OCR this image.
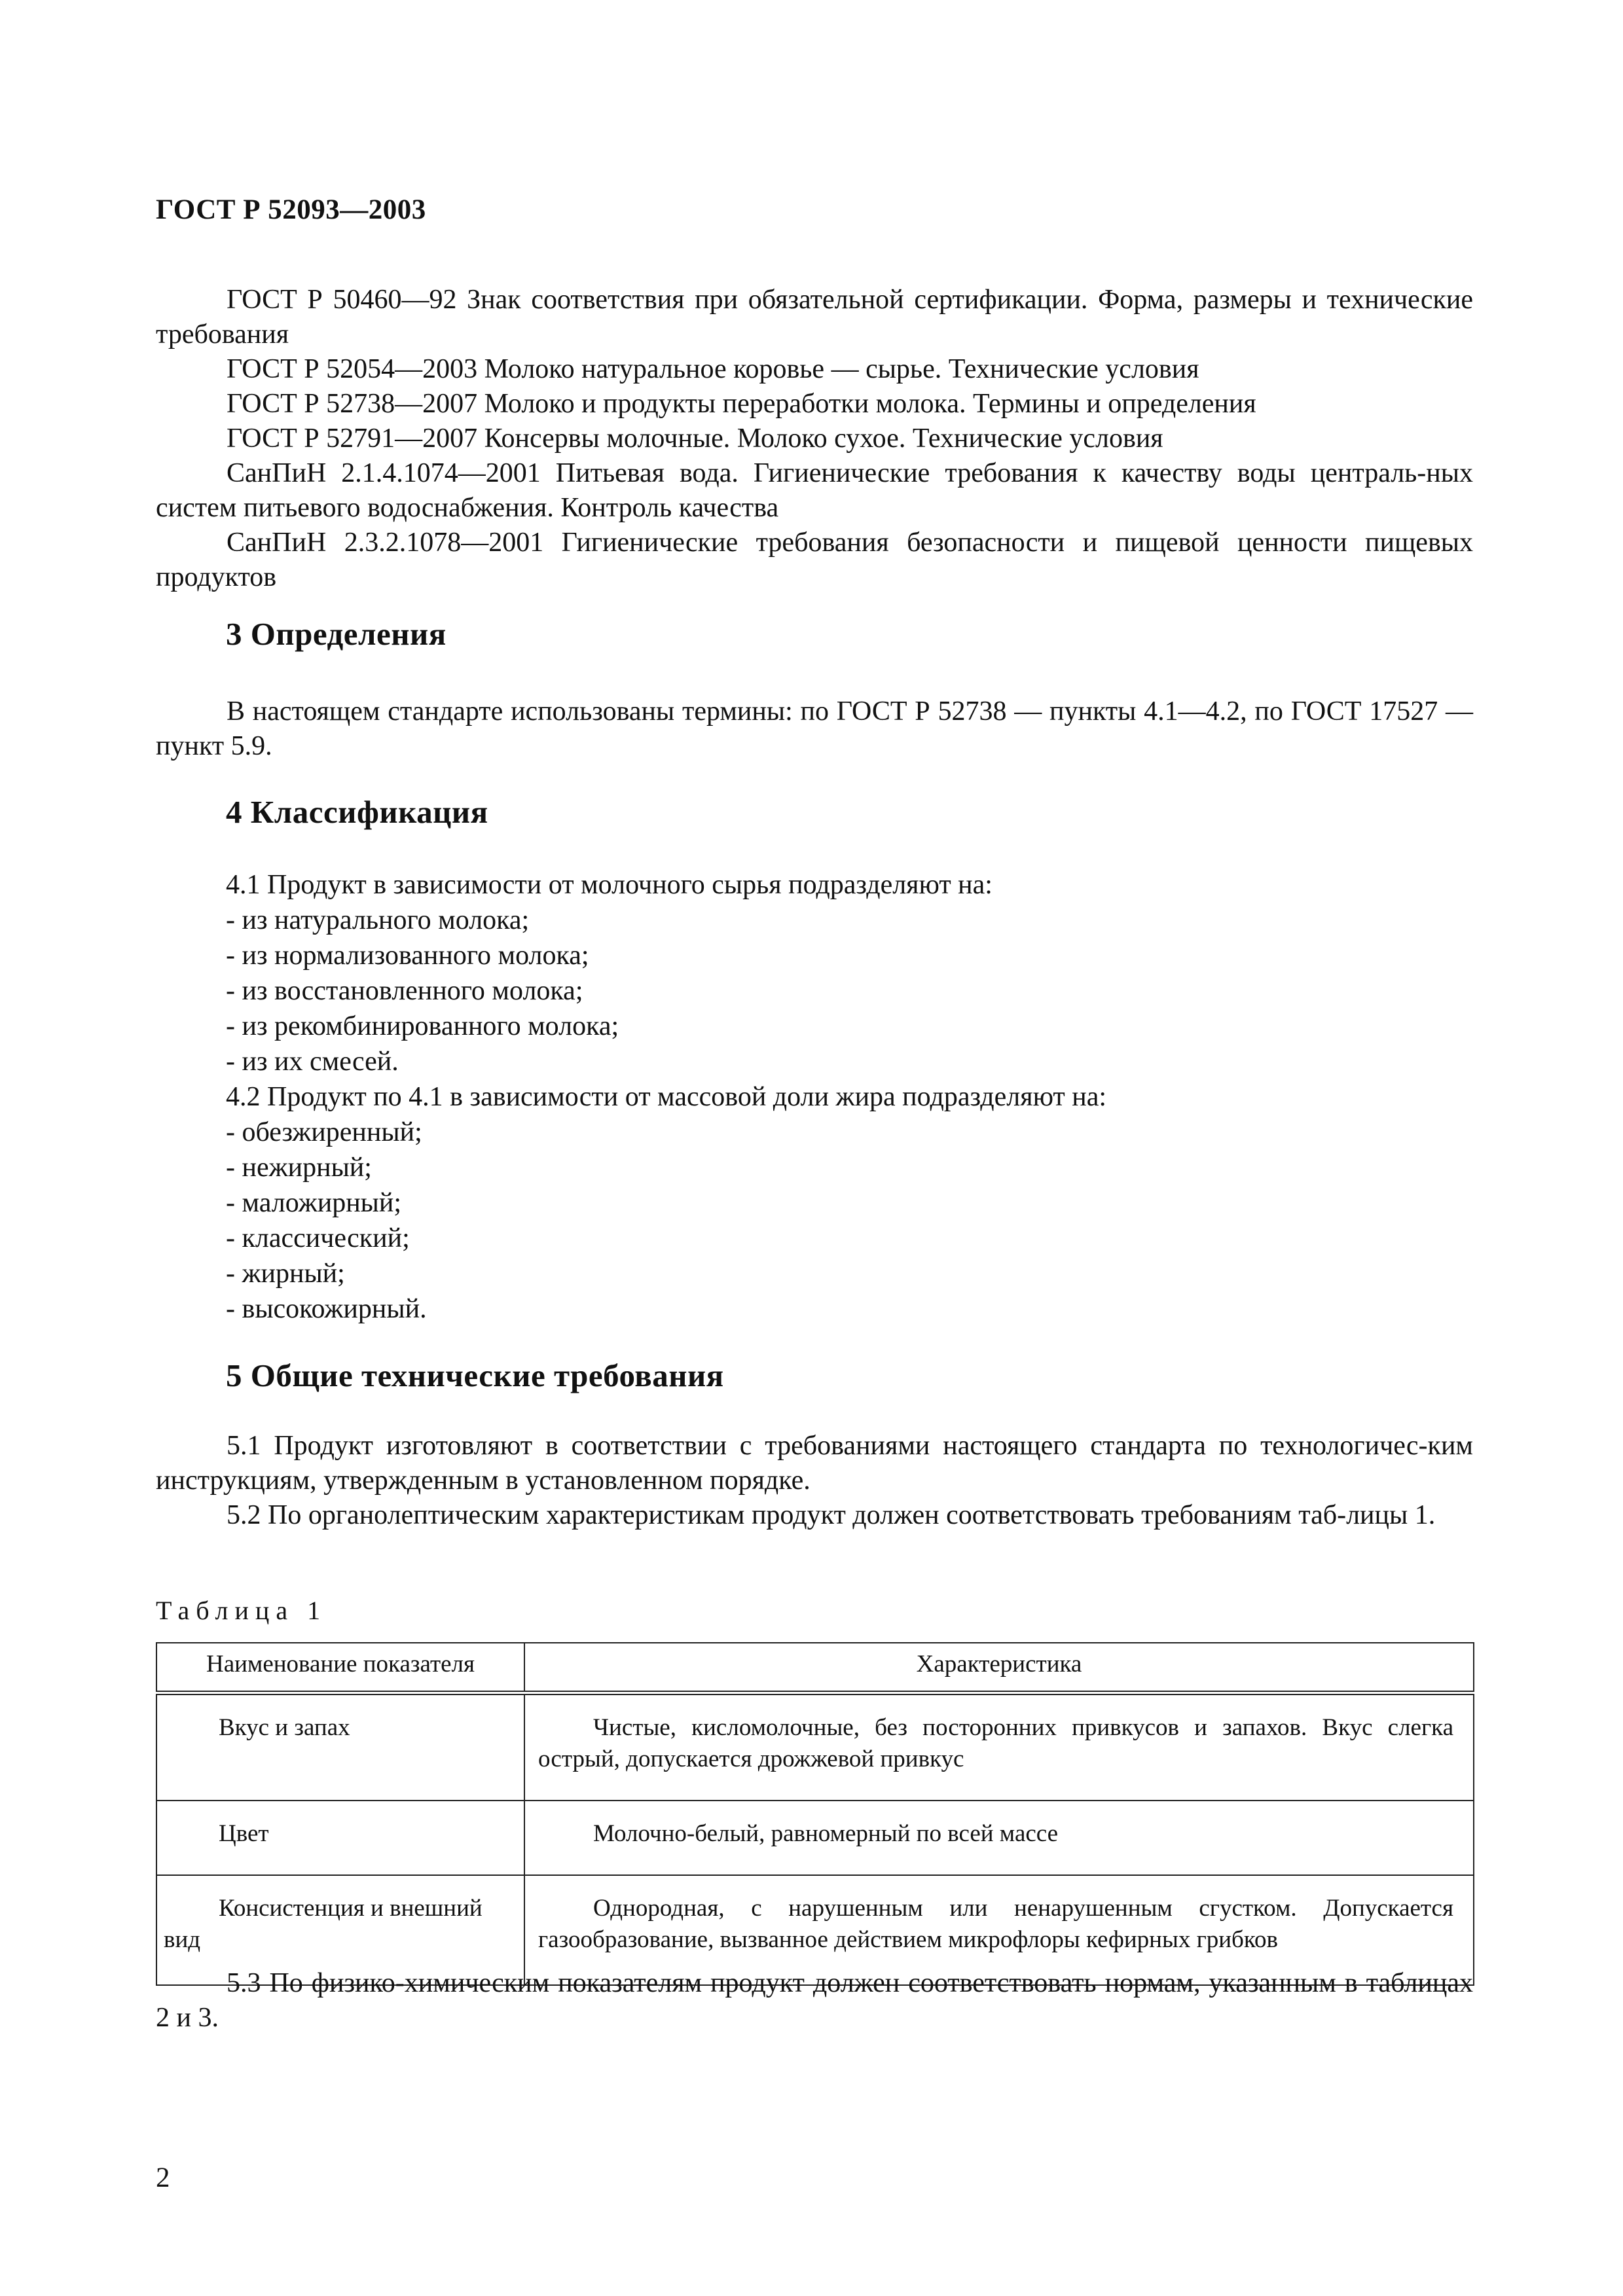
ГОСТ Р 52093—2003

ГОСТ Р 50460—92 Знак соответствия при обязательной сертификации. Форма, размеры и технические требования

ГОСТ Р 52054—2003 Молоко натуральное коровье — сырье. Технические условия

ГОСТ Р 52738—2007 Молоко и продукты переработки молока. Термины и определения

ГОСТ Р 52791—2007 Консервы молочные. Молоко сухое. Технические условия

СанПиН 2.1.4.1074—2001 Питьевая вода. Гигиенические требования к качеству воды централь-ных систем питьевого водоснабжения. Контроль качества

СанПиН 2.3.2.1078—2001 Гигиенические требования безопасности и пищевой ценности пищевых продуктов

3 Определения

В настоящем стандарте использованы термины: по ГОСТ Р 52738 — пункты 4.1—4.2, по ГОСТ 17527 — пункт 5.9.

4 Классификация

4.1 Продукт в зависимости от молочного сырья подразделяют на:

- из натурального молока;

- из нормализованного молока;

- из восстановленного молока;

- из рекомбинированного молока;

- из их смесей.

4.2 Продукт по 4.1 в зависимости от массовой доли жира подразделяют на:

- обезжиренный;

- нежирный;

- маложирный;

- классический;

- жирный;

- высокожирный.

5 Общие технические требования

5.1 Продукт изготовляют в соответствии с требованиями настоящего стандарта по технологичес-ким инструкциям, утвержденным в установленном порядке.

5.2 По органолептическим характеристикам продукт должен соответствовать требованиям таб-лицы 1.

Таблица 1
Наименование показателя	Характеристика

Вкус и запах	Чистые, кисломолочные, без посторонних привкусов и запахов. Вкус слегка острый, допускается дрожжевой привкус

Цвет	Молочно-белый, равномерный по всей массе

Консистенция и внешний вид	Однородная, с нарушенным или ненарушенным сгустком. Допускается газообразование, вызванное действием микрофлоры кефирных грибков

5.3 По физико-химическим показателям продукт должен соответствовать нормам, указанным в таблицах 2 и 3.

2
